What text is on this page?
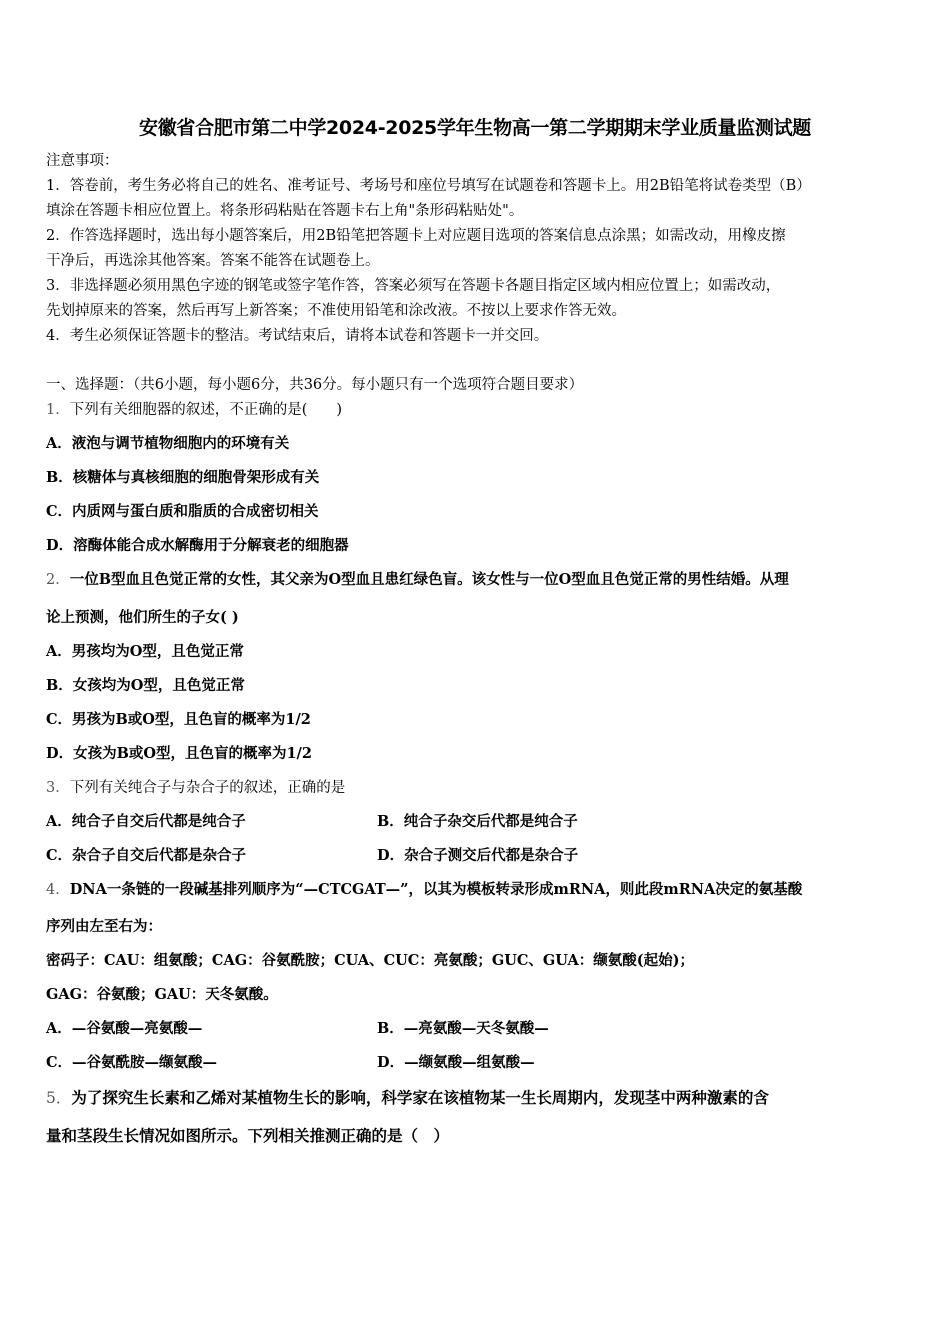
安徽省合肥市第二中学2024-2025学年生物高一第二学期期末学业质量监测试题
注意事项：
1．答卷前，考生务必将自己的姓名、准考证号、考场号和座位号填写在试题卷和答题卡上。用2B铅笔将试卷类型（B）
填涂在答题卡相应位置上。将条形码粘贴在答题卡右上角"条形码粘贴处"。
2．作答选择题时，选出每小题答案后，用2B铅笔把答题卡上对应题目选项的答案信息点涂黑；如需改动，用橡皮擦
干净后，再选涂其他答案。答案不能答在试题卷上。
3．非选择题必须用黑色字迹的钢笔或签字笔作答，答案必须写在答题卡各题目指定区域内相应位置上；如需改动，
先划掉原来的答案，然后再写上新答案；不准使用铅笔和涂改液。不按以上要求作答无效。
4．考生必须保证答题卡的整洁。考试结束后，请将本试卷和答题卡一并交回。
一、选择题：（共6小题，每小题6分，共36分。每小题只有一个选项符合题目要求）
1．下列有关细胞器的叙述，不正确的是(　　)
A．液泡与调节植物细胞内的环境有关
B．核糖体与真核细胞的细胞骨架形成有关
C．内质网与蛋白质和脂质的合成密切相关
D．溶酶体能合成水解酶用于分解衰老的细胞器
2．一位B型血且色觉正常的女性，其父亲为O型血且患红绿色盲。该女性与一位O型血且色觉正常的男性结婚。从理
论上预测，他们所生的子女( )
A．男孩均为O型，且色觉正常
B．女孩均为O型，且色觉正常
C．男孩为B或O型，且色盲的概率为1/2
D．女孩为B或O型，且色盲的概率为1/2
3．下列有关纯合子与杂合子的叙述，正确的是
A．纯合子自交后代都是纯合子	B．纯合子杂交后代都是纯合子
C．杂合子自交后代都是杂合子	D．杂合子测交后代都是杂合子
4．DNA一条链的一段碱基排列顺序为“—CTCGAT—”，以其为模板转录形成mRNA，则此段mRNA决定的氨基酸
序列由左至右为：
密码子：CAU：组氨酸；CAG：谷氨酰胺；CUA、CUC：亮氨酸；GUC、GUA：缬氨酸(起始)；
GAG：谷氨酸；GAU：天冬氨酸。
A．—谷氨酸—亮氨酸—	B．—亮氨酸—天冬氨酸—
C．—谷氨酰胺—缬氨酸—	D．—缬氨酸—组氨酸—
5．为了探究生长素和乙烯对某植物生长的影响，科学家在该植物某一生长周期内，发现茎中两种激素的含
量和茎段生长情况如图所示。下列相关推测正确的是（　）
